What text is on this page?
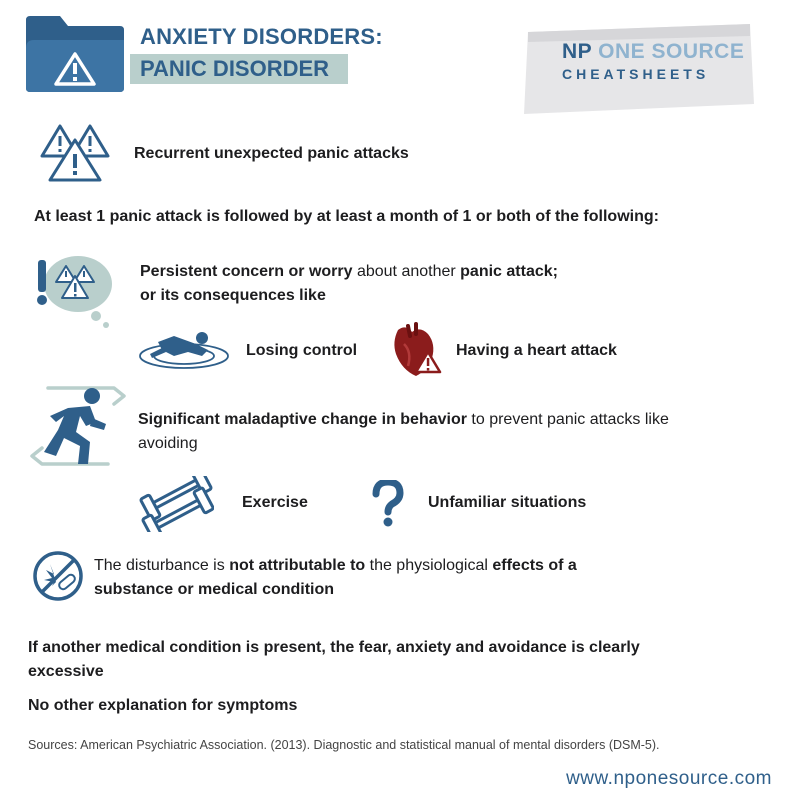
ANXIETY DISORDERS:
PANIC DISORDER
NP ONE SOURCE
CHEATSHEETS
Recurrent unexpected panic attacks
At least 1 panic attack is followed by at least a month of 1 or both of the following:
Persistent concern or worry about another panic attack;
or its consequences like
Losing control	Having a heart attack
Significant maladaptive change in behavior to prevent panic attacks like
avoiding
Exercise	Unfamiliar situations
The disturbance is not attributable to the physiological effects of a
substance or medical condition
If another medical condition is present, the fear, anxiety and avoidance is clearly
excessive
No other explanation for symptoms
Sources: American Psychiatric Association. (2013). Diagnostic and statistical manual of mental disorders (DSM-5).
www.nponesource.com
